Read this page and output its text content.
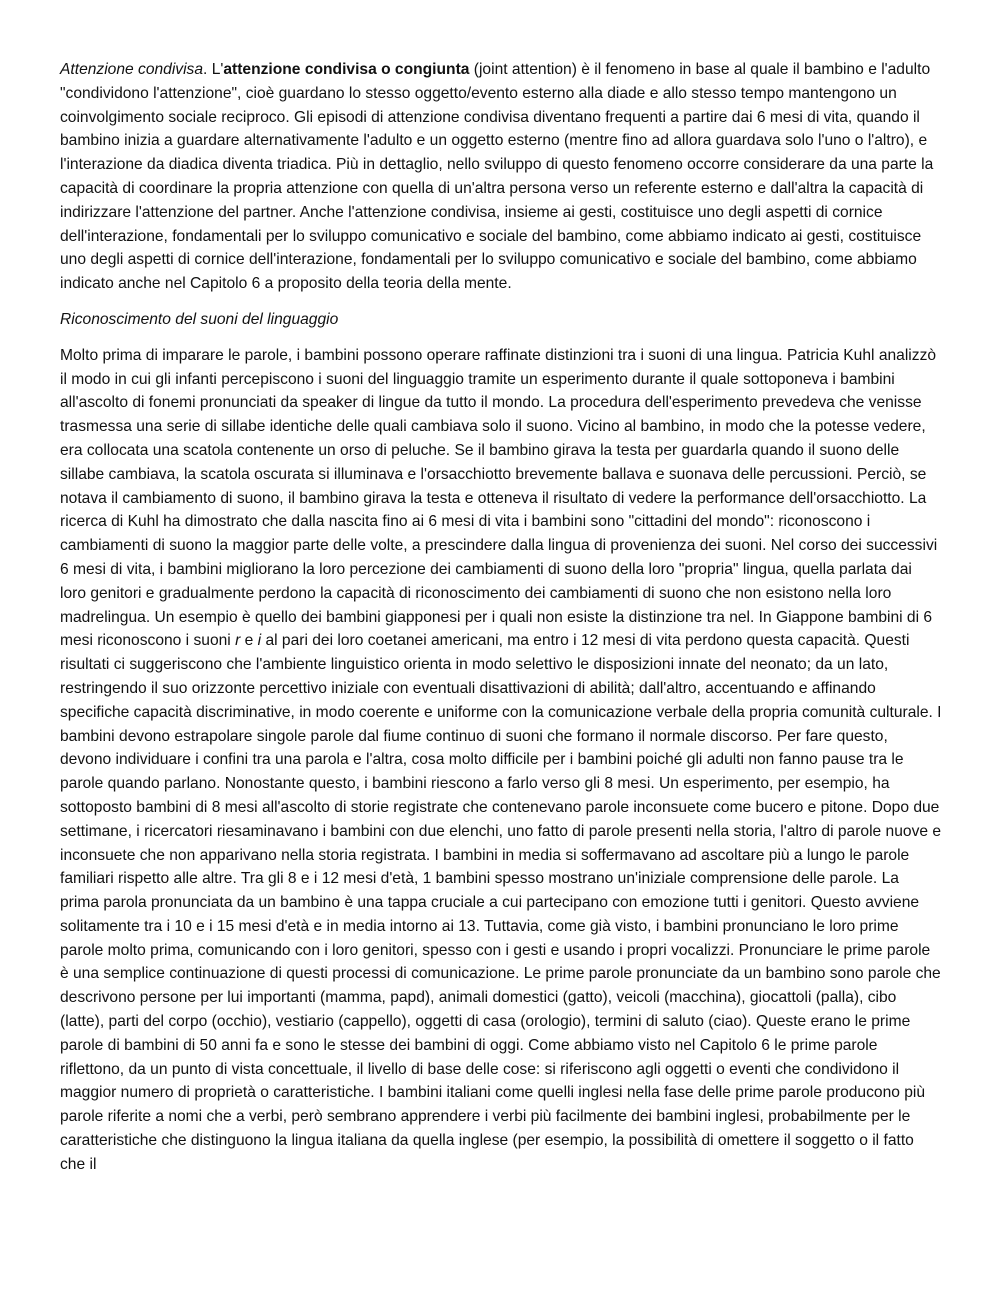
Attenzione condivisa. L'attenzione condivisa o congiunta (joint attention) è il fenomeno in base al quale il bambino e l'adulto "condividono l'attenzione", cioè guardano lo stesso oggetto/evento esterno alla diade e allo stesso tempo mantengono un coinvolgimento sociale reciproco. Gli episodi di attenzione condivisa diventano frequenti a partire dai 6 mesi di vita, quando il bambino inizia a guardare alternativamente l'adulto e un oggetto esterno (mentre fino ad allora guardava solo l'uno o l'altro), e l'interazione da diadica diventa triadica. Più in dettaglio, nello sviluppo di questo fenomeno occorre considerare da una parte la capacità di coordinare la propria attenzione con quella di un'altra persona verso un referente esterno e dall'altra la capacità di indirizzare l'attenzione del partner. Anche l'attenzione condivisa, insieme ai gesti, costituisce uno degli aspetti di cornice dell'interazione, fondamentali per lo sviluppo comunicativo e sociale del bambino, come abbiamo indicato ai gesti, costituisce uno degli aspetti di cornice dell'interazione, fondamentali per lo sviluppo comunicativo e sociale del bambino, come abbiamo indicato anche nel Capitolo 6 a proposito della teoria della mente.

Riconoscimento del suoni del linguaggio

Molto prima di imparare le parole, i bambini possono operare raffinate distinzioni tra i suoni di una lingua. Patricia Kuhl analizzò il modo in cui gli infanti percepiscono i suoni del linguaggio tramite un esperimento durante il quale sottoponeva i bambini all'ascolto di fonemi pronunciati da speaker di lingue da tutto il mondo. La procedura dell'esperimento prevedeva che venisse trasmessa una serie di sillabe identiche delle quali cambiava solo il suono. Vicino al bambino, in modo che la potesse vedere, era collocata una scatola contenente un orso di peluche. Se il bambino girava la testa per guardarla quando il suono delle sillabe cambiava, la scatola oscurata si illuminava e l'orsacchiotto brevemente ballava e suonava delle percussioni. Perciò, se notava il cambiamento di suono, il bambino girava la testa e otteneva il risultato di vedere la performance dell'orsacchiotto. La ricerca di Kuhl ha dimostrato che dalla nascita fino ai 6 mesi di vita i bambini sono "cittadini del mondo": riconoscono i cambiamenti di suono la maggior parte delle volte, a prescindere dalla lingua di provenienza dei suoni. Nel corso dei successivi 6 mesi di vita, i bambini migliorano la loro percezione dei cambiamenti di suono della loro "propria" lingua, quella parlata dai loro genitori e gradualmente perdono la capacità di riconoscimento dei cambiamenti di suono che non esistono nella loro madrelingua. Un esempio è quello dei bambini giapponesi per i quali non esiste la distinzione tra nel. In Giappone bambini di 6 mesi riconoscono i suoni r e i al pari dei loro coetanei americani, ma entro i 12 mesi di vita perdono questa capacità. Questi risultati ci suggeriscono che l'ambiente linguistico orienta in modo selettivo le disposizioni innate del neonato; da un lato, restringendo il suo orizzonte percettivo iniziale con eventuali disattivazioni di abilità; dall'altro, accentuando e affinando specifiche capacità discriminative, in modo coerente e uniforme con la comunicazione verbale della propria comunità culturale. I bambini devono estrapolare singole parole dal fiume continuo di suoni che formano il normale discorso. Per fare questo, devono individuare i confini tra una parola e l'altra, cosa molto difficile per i bambini poiché gli adulti non fanno pause tra le parole quando parlano. Nonostante questo, i bambini riescono a farlo verso gli 8 mesi. Un esperimento, per esempio, ha sottoposto bambini di 8 mesi all'ascolto di storie registrate che contenevano parole inconsuete come bucero e pitone. Dopo due settimane, i ricercatori riesaminavano i bambini con due elenchi, uno fatto di parole presenti nella storia, l'altro di parole nuove e inconsuete che non apparivano nella storia registrata. I bambini in media si soffermavano ad ascoltare più a lungo le parole familiari rispetto alle altre. Tra gli 8 e i 12 mesi d'età, 1 bambini spesso mostrano un'iniziale comprensione delle parole. La prima parola pronunciata da un bambino è una tappa cruciale a cui partecipano con emozione tutti i genitori. Questo avviene solitamente tra i 10 e i 15 mesi d'età e in media intorno ai 13. Tuttavia, come già visto, i bambini pronunciano le loro prime parole molto prima, comunicando con i loro genitori, spesso con i gesti e usando i propri vocalizzi. Pronunciare le prime parole è una semplice continuazione di questi processi di comunicazione. Le prime parole pronunciate da un bambino sono parole che descrivono persone per lui importanti (mamma, papd), animali domestici (gatto), veicoli (macchina), giocattoli (palla), cibo (latte), parti del corpo (occhio), vestiario (cappello), oggetti di casa (orologio), termini di saluto (ciao). Queste erano le prime parole di bambini di 50 anni fa e sono le stesse dei bambini di oggi. Come abbiamo visto nel Capitolo 6 le prime parole riflettono, da un punto di vista concettuale, il livello di base delle cose: si riferiscono agli oggetti o eventi che condividono il maggior numero di proprietà o caratteristiche. I bambini italiani come quelli inglesi nella fase delle prime parole producono più parole riferite a nomi che a verbi, però sembrano apprendere i verbi più facilmente dei bambini inglesi, probabilmente per le caratteristiche che distinguono la lingua italiana da quella inglese (per esempio, la possibilità di omettere il soggetto o il fatto che il
